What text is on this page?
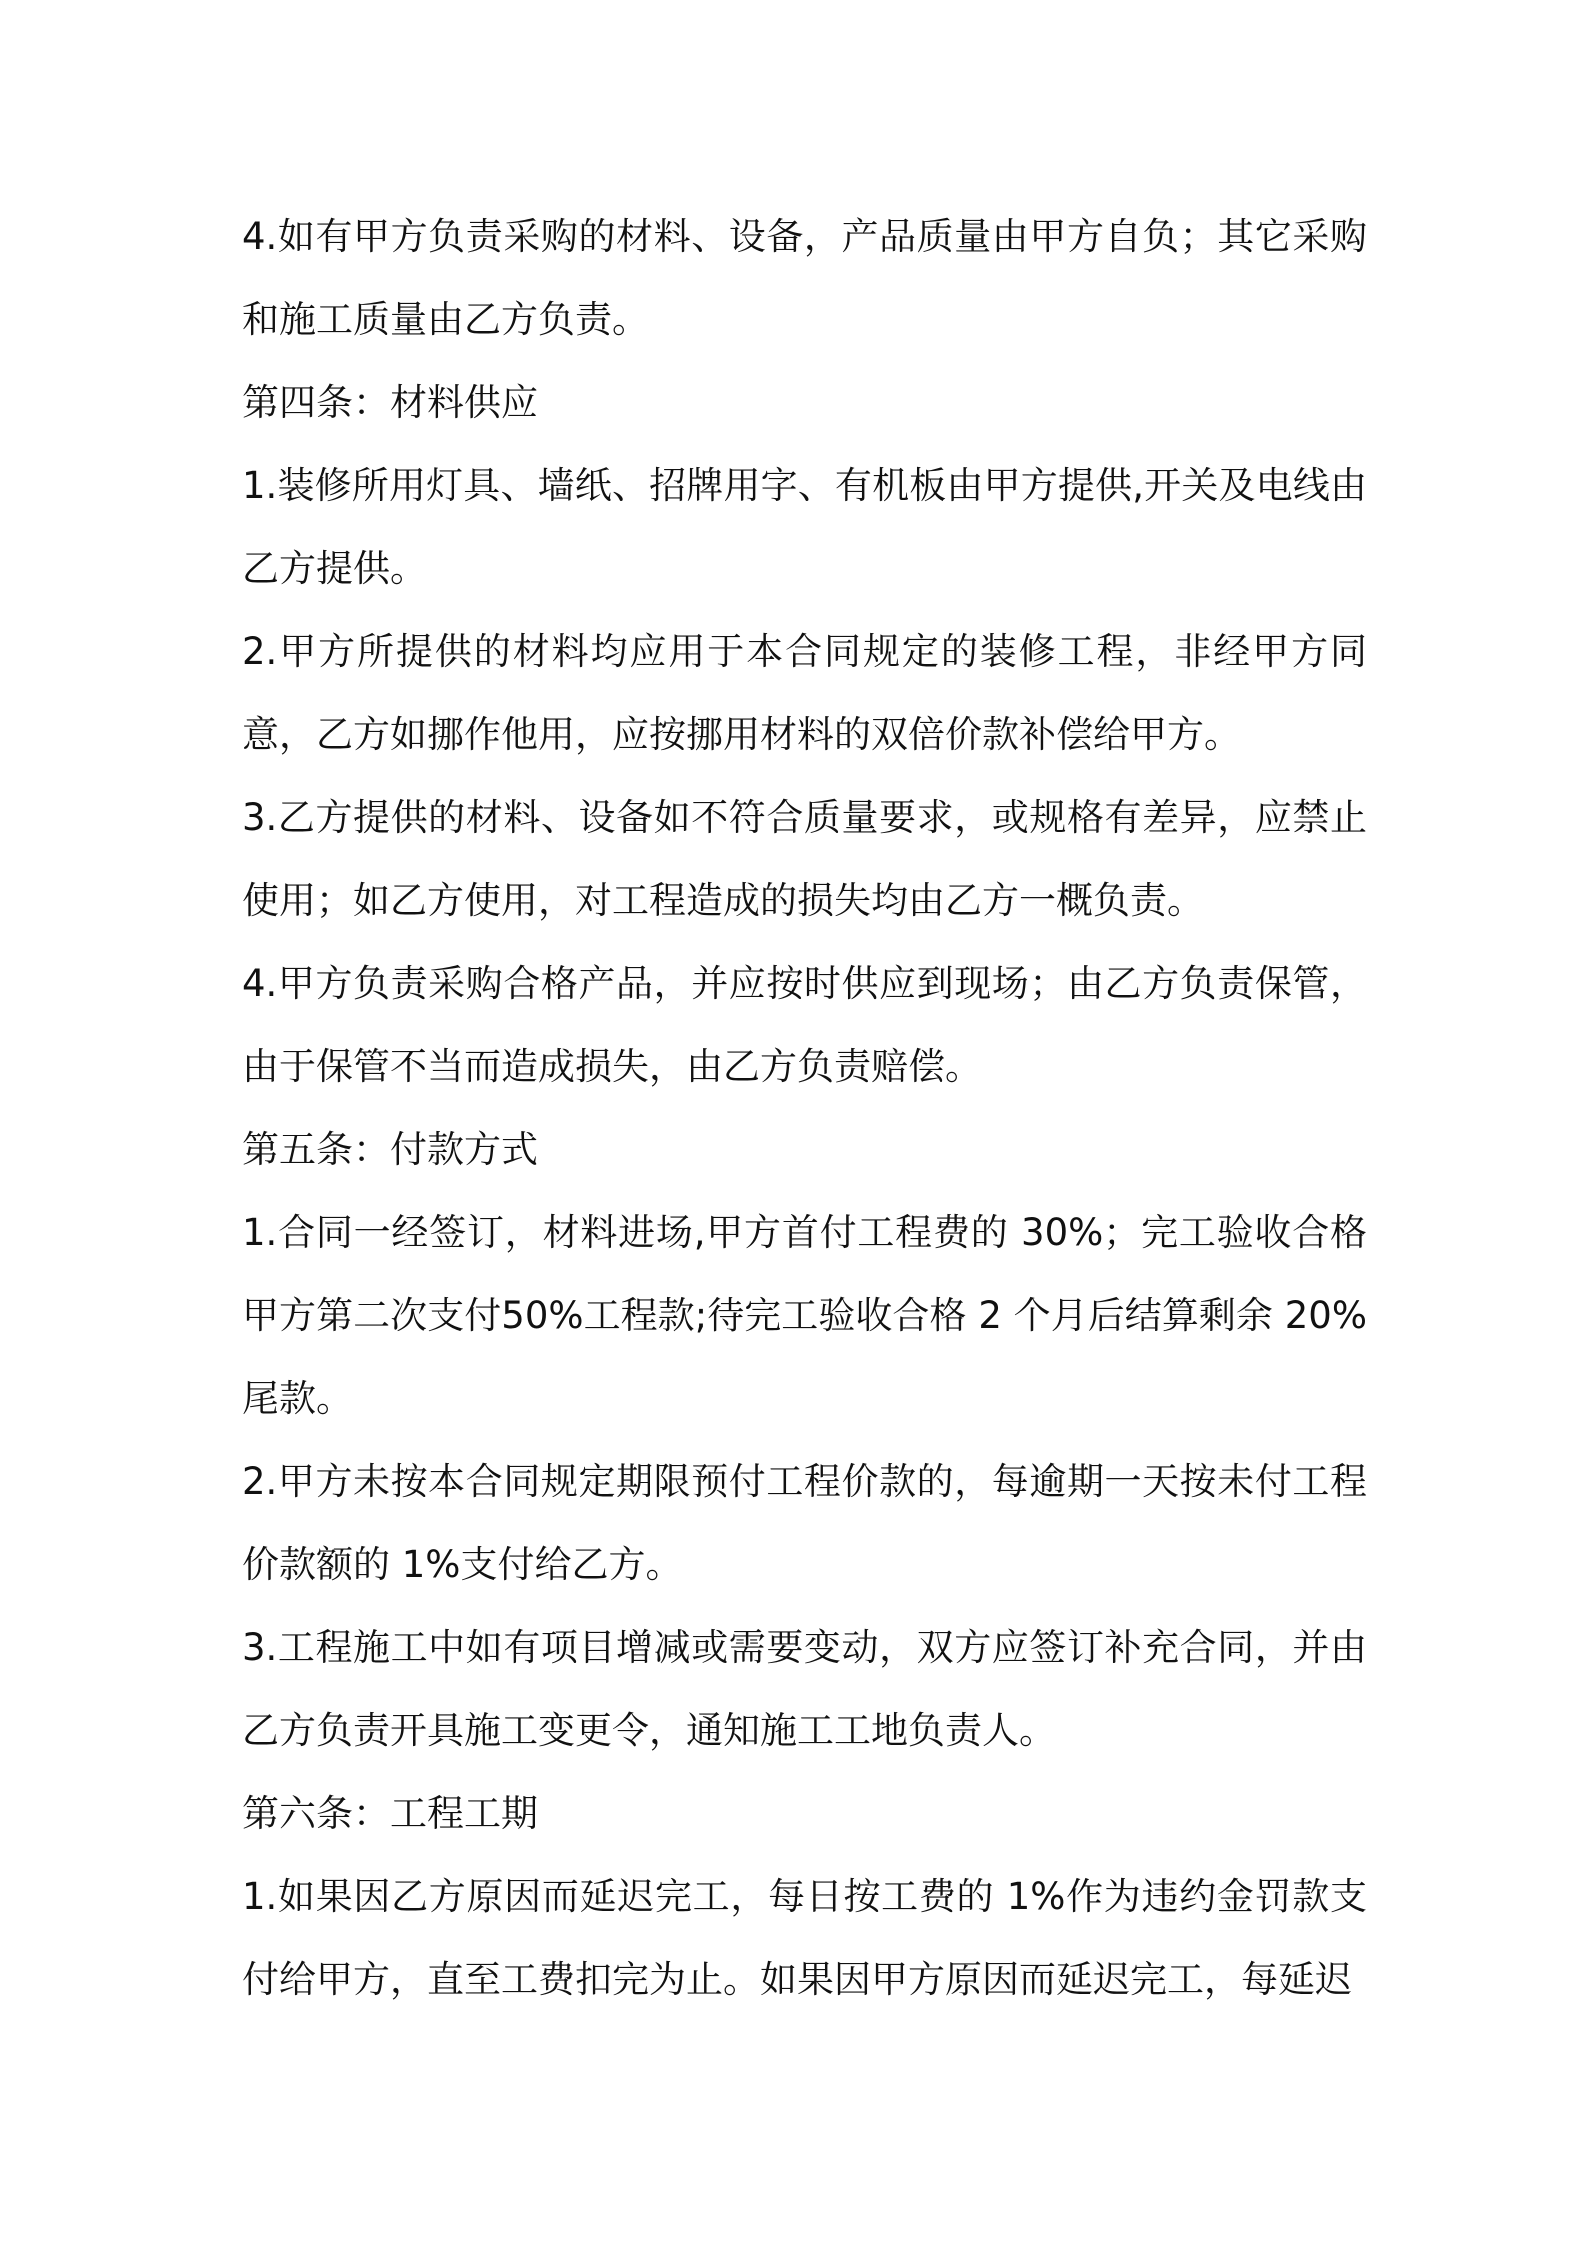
4.如有甲方负责采购的材料、设备，产品质量由甲方自负；其它采购和施工质量由乙方负责。

第四条：材料供应

1.装修所用灯具、墙纸、招牌用字、有机板由甲方提供,开关及电线由乙方提供。

2.甲方所提供的材料均应用于本合同规定的装修工程，非经甲方同意，乙方如挪作他用，应按挪用材料的双倍价款补偿给甲方。

3.乙方提供的材料、设备如不符合质量要求，或规格有差异，应禁止使用；如乙方使用，对工程造成的损失均由乙方一概负责。

4.甲方负责采购合格产品，并应按时供应到现场；由乙方负责保管，由于保管不当而造成损失，由乙方负责赔偿。

第五条：付款方式

1.合同一经签订，材料进场,甲方首付工程费的 30%；完工验收合格甲方第二次支付50%工程款;待完工验收合格 2 个月后结算剩余 20%尾款。

2.甲方未按本合同规定期限预付工程价款的，每逾期一天按未付工程价款额的 1%支付给乙方。

3.工程施工中如有项目增减或需要变动，双方应签订补充合同，并由乙方负责开具施工变更令，通知施工工地负责人。

第六条：工程工期

1.如果因乙方原因而延迟完工，每日按工费的 1%作为违约金罚款支付给甲方，直至工费扣完为止。如果因甲方原因而延迟完工，每延迟
